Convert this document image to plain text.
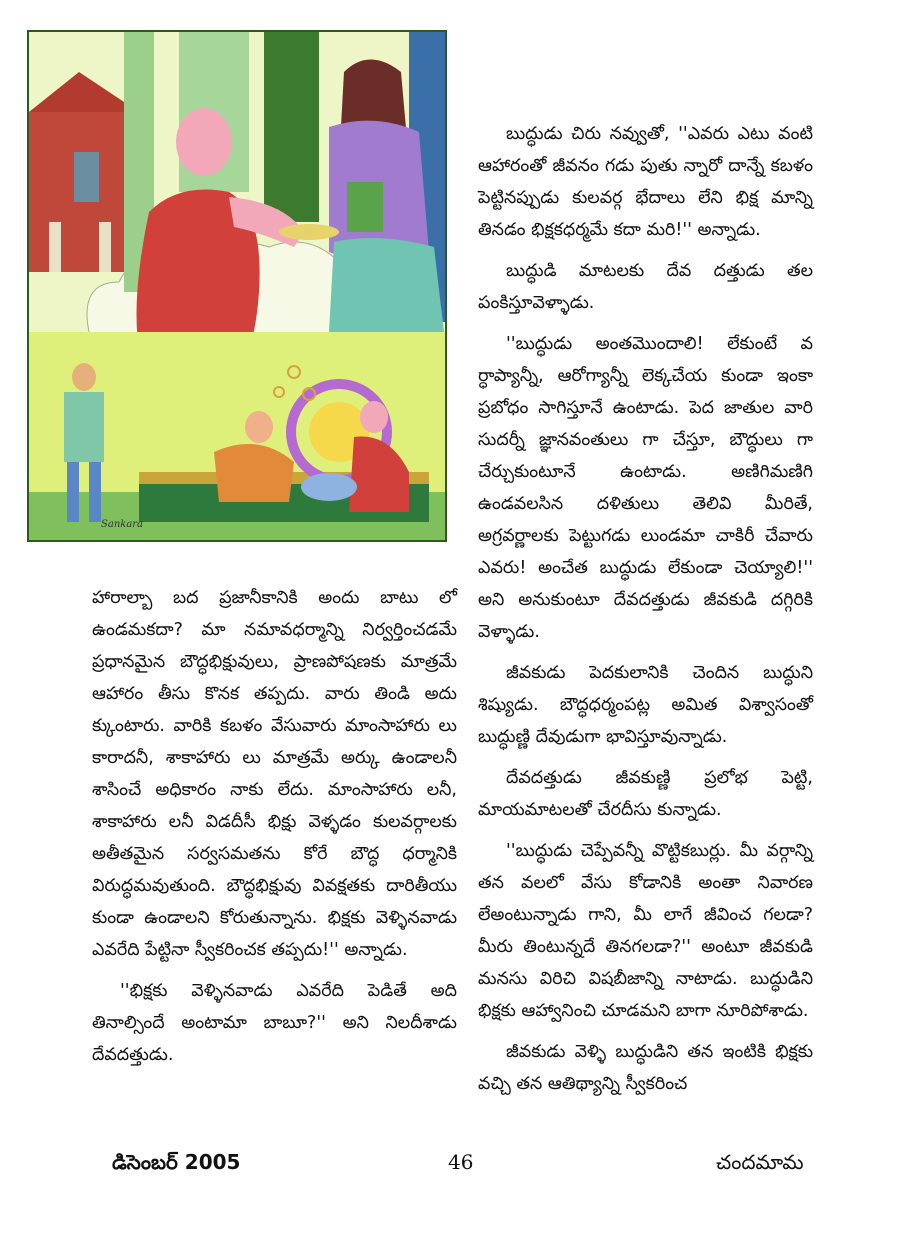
Sankara

హారాల్బా బద ప్రజానీకానికి అందు బాటు లో ఉండమకదా? మా నమావధర్మాన్ని నిర్వర్తించడమే ప్రధానమైన బౌద్ధభిక్షువులు, ప్రాణపోషణకు మాత్రమే ఆహారం తీసు కొనక తప్పదు. వారు తిండి అదు క్కుంటారు. వారికి కబళం వేసువారు మాంసాహారు లు కారాదనీ, శాకాహారు లు మాత్రమే అర్కు ఉండాలనీ శాసించే అధికారం నాకు లేదు. మాంసాహారు లనీ, శాకాహారు లనీ విడదీసీ భిక్షు వెళ్ళడం కులవర్గాలకు అతీతమైన సర్వసమతను కోరే బౌద్ధ ధర్మానికి విరుద్ధమవుతుంది. బౌద్ధభిక్షువు వివక్షతకు దారితీయు కుండా ఉండాలని కోరుతున్నాను. భిక్షకు వెళ్ళినవాడు ఎవరేది పేట్టినా స్వీకరించక తప్పదు!'' అన్నాడు.

''భిక్షకు వెళ్ళినవాడు ఎవరేది పెడితే అది తినాల్సిందే అంటామా బాబూ?'' అని నిలదీశాడు దేవదత్తుడు.

బుద్ధుడు చిరు నవ్వుతో, ''ఎవరు ఎటు వంటి ఆహారంతో జీవనం గడు పుతు న్నారో దాన్నే కబళం పెట్టినప్పుడు కులవర్గ భేదాలు లేని భిక్ష మాన్ని తినడం భిక్షకధర్మమే కదా మరి!'' అన్నాడు.

బుద్ధుడి మాటలకు దేవ దత్తుడు తల పంకిస్తూవెళ్ళాడు.

''బుద్ధుడు అంతమొందాలి! లేకుంటే వ ర్ధాప్యాన్నీ, ఆరోగ్యాన్నీ లెక్కచేయ కుండా ఇంకా ప్రబోధం సాగిస్తూనే ఉంటాడు. పెద జాతుల వారి సుదర్నీ జ్ఞానవంతులు గా చేస్తూ, బౌద్ధులు గా చేర్చుకుంటూనే ఉంటాడు. అణిగిమణిగి ఉండవలసిన దళితులు తెలివి మీరితే, అగ్రవర్ణాలకు పెట్టుగడు లుండమా చాకిరీ చేవారు ఎవరు! అంచేత బుద్ధుడు లేకుండా చెయ్యాలి!'' అని అనుకుంటూ దేవదత్తుడు జీవకుడి దగ్గిరికి వెళ్ళాడు.

జీవకుడు పెదకులానికి చెందిన బుద్ధుని శిష్యుడు. బౌద్ధధర్మంపట్ల అమిత విశ్వాసంతో బుద్ధుణ్ణి దేవుడుగా భావిస్తూవున్నాడు.

దేవదత్తుడు జీవకుణ్ణి ప్రలోభ పెట్టి, మాయమాటలతో చేరదీసు కున్నాడు.

''బుద్ధుడు చెప్పేవన్నీ వొట్టికబుర్లు. మీ వర్గాన్ని తన వలలో వేసు కోడానికి అంతా నివారణ లేఅంటున్నాడు గాని, మీ లాగే జీవించ గలడా? మీరు తింటున్నదే తినగలడా?'' అంటూ జీవకుడి మనసు విరిచి విషబీజాన్ని నాటాడు. బుద్ధుడిని భిక్షకు ఆహ్వానించి చూడమని బాగా నూరిపోశాడు.

జీవకుడు వెళ్ళి బుద్ధుడిని తన ఇంటికి భిక్షకు వచ్చి తన ఆతిథ్యాన్ని స్వీకరించ

డిసెంబర్ 2005	46	చందమామ
